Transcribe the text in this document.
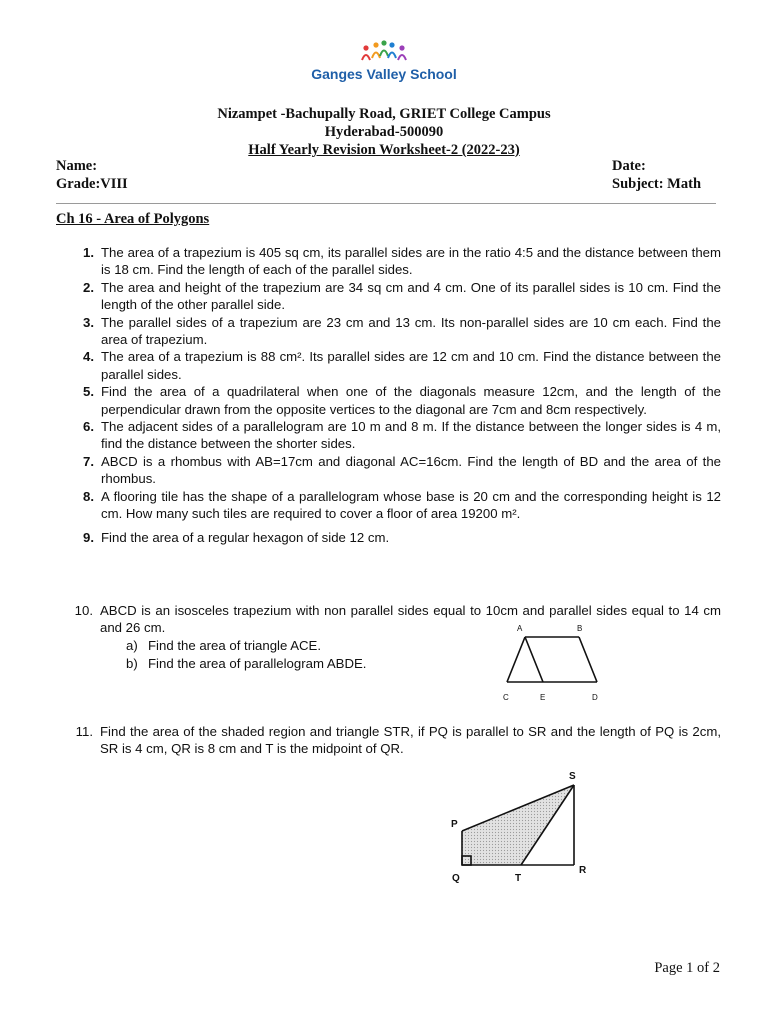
Ganges Valley School
Nizampet -Bachupally Road, GRIET College Campus
Hyderabad-500090
Half Yearly Revision Worksheet-2 (2022-23)
Name:
Grade:VIII
Date:
Subject: Math
Ch 16 - Area of Polygons
1. The area of a trapezium is 405 sq cm, its parallel sides are in the ratio 4:5 and the distance between them is 18 cm. Find the length of each of the parallel sides.
2. The area and height of the trapezium are 34 sq cm and 4 cm. One of its parallel sides is 10 cm. Find the length of the other parallel side.
3. The parallel sides of a trapezium are 23 cm and 13 cm. Its non-parallel sides are 10 cm each. Find the area of trapezium.
4. The area of a trapezium is 88 cm². Its parallel sides are 12 cm and 10 cm. Find the distance between the parallel sides.
5. Find the area of a quadrilateral when one of the diagonals measure 12cm, and the length of the perpendicular drawn from the opposite vertices to the diagonal are 7cm and 8cm respectively.
6. The adjacent sides of a parallelogram are 10 m and 8 m. If the distance between the longer sides is 4 m, find the distance between the shorter sides.
7. ABCD is a rhombus with AB=17cm and diagonal AC=16cm. Find the length of BD and the area of the rhombus.
8. A flooring tile has the shape of a parallelogram whose base is 20 cm and the corresponding height is 12 cm. How many such tiles are required to cover a floor of area 19200 m².
9. Find the area of a regular hexagon of side 12 cm.
10. ABCD is an isosceles trapezium with non parallel sides equal to 10cm and parallel sides equal to 14 cm and 26 cm.
a) Find the area of triangle ACE.
b) Find the area of parallelogram ABDE.
A	B
C	E	D
11. Find the area of the shaded region and triangle STR, if PQ is parallel to SR and the length of PQ is 2cm, SR is 4 cm, QR is 8 cm and T is the midpoint of QR.
S
P
Q	T
R
Page 1 of 2
